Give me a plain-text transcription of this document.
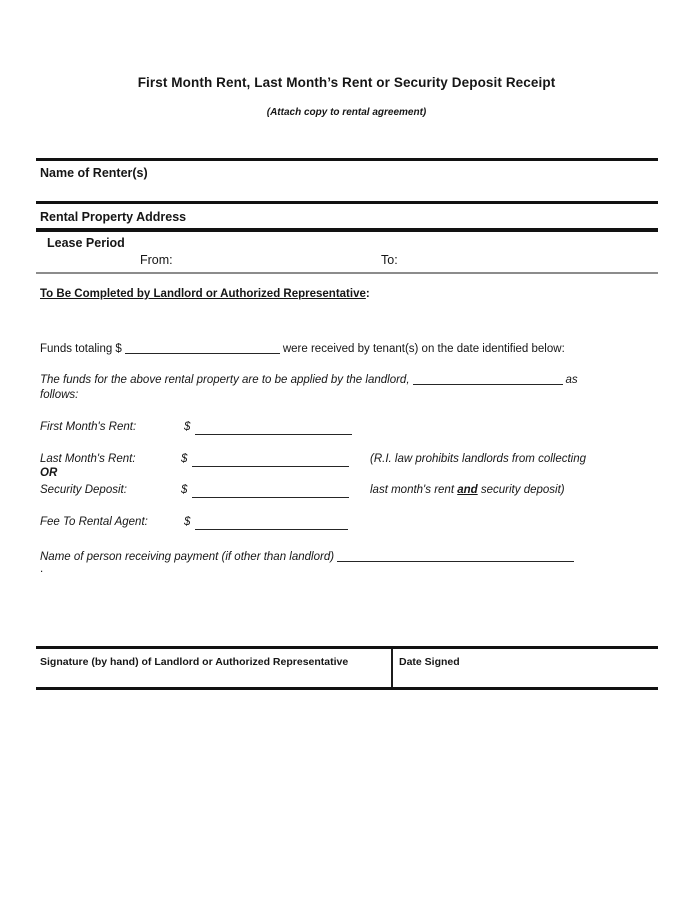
First Month Rent, Last Month’s Rent or Security Deposit Receipt
(Attach copy to rental agreement)
Name of Renter(s)
Rental Property Address
Lease Period
From:	To:
To Be Completed by Landlord or Authorized Representative:
Funds totaling $	were received by tenant(s) on the date identified below:
The funds for the above rental property are to be applied by the landlord,	as
follows:
First Month's Rent:	$
Last Month's Rent:	$	(R.I. law prohibits landlords from collecting
OR
Security Deposit:	$	last month's rent and security deposit)
Fee To Rental Agent:	$
Name of person receiving payment (if other than landlord)
.
Signature (by hand) of Landlord or Authorized Representative	Date Signed
